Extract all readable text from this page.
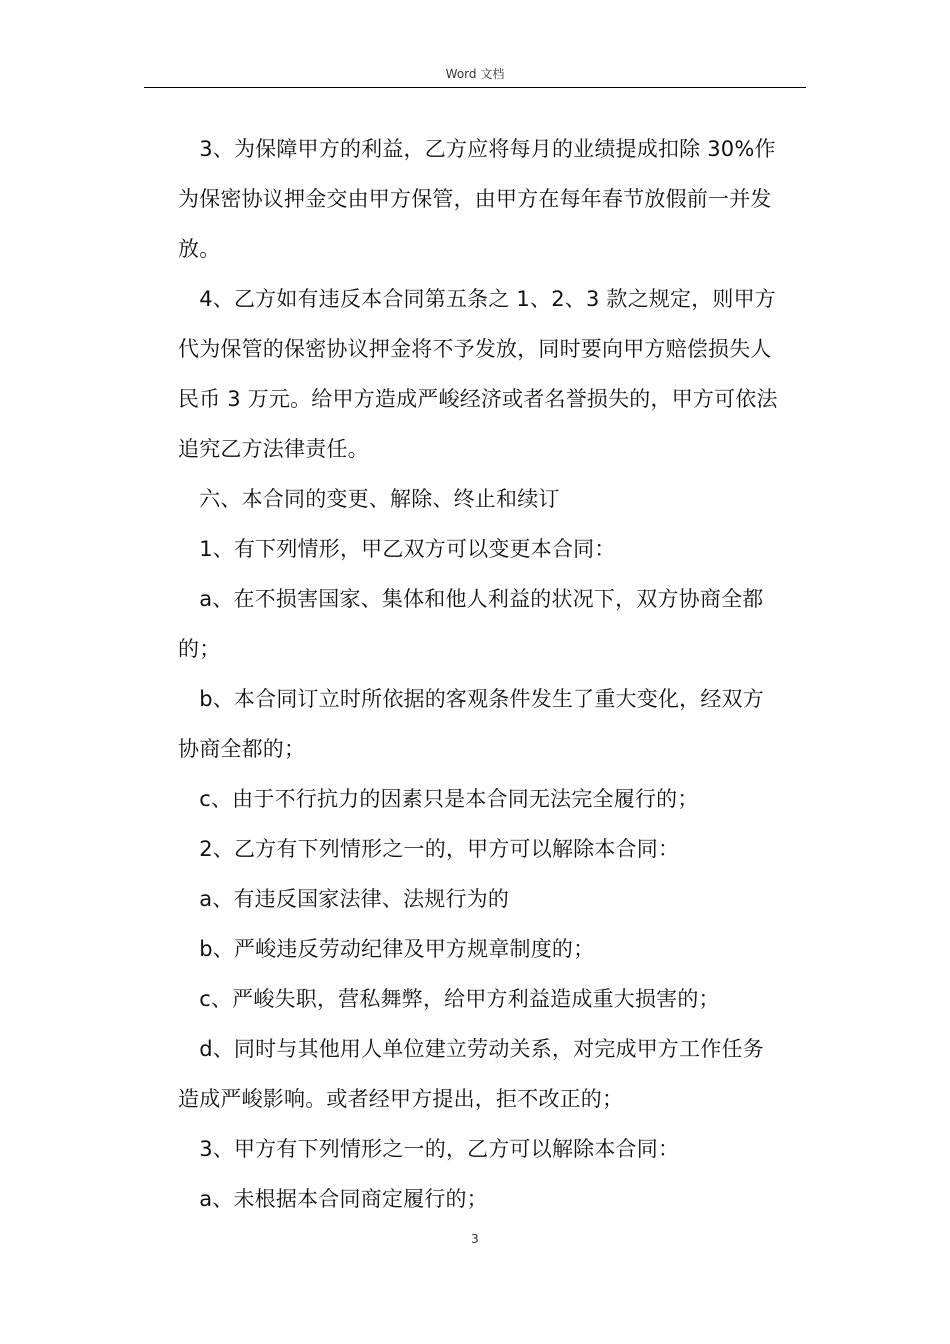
Word 文档
　3、为保障甲方的利益，乙方应将每月的业绩提成扣除 30%作
为保密协议押金交由甲方保管，由甲方在每年春节放假前一并发
放。
　4、乙方如有违反本合同第五条之 1、2、3 款之规定，则甲方
代为保管的保密协议押金将不予发放，同时要向甲方赔偿损失人
民币 3 万元。给甲方造成严峻经济或者名誉损失的，甲方可依法
追究乙方法律责任。
　六、本合同的变更、解除、终止和续订
　1、有下列情形，甲乙双方可以变更本合同：
　a、在不损害国家、集体和他人利益的状况下，双方协商全都
的；
　b、本合同订立时所依据的客观条件发生了重大变化，经双方
协商全都的；
　c、由于不行抗力的因素只是本合同无法完全履行的；
　2、乙方有下列情形之一的，甲方可以解除本合同：
　a、有违反国家法律、法规行为的
　b、严峻违反劳动纪律及甲方规章制度的；
　c、严峻失职，营私舞弊，给甲方利益造成重大损害的；
　d、同时与其他用人单位建立劳动关系，对完成甲方工作任务
造成严峻影响。或者经甲方提出，拒不改正的；
　3、甲方有下列情形之一的，乙方可以解除本合同：
　a、未根据本合同商定履行的；
3
